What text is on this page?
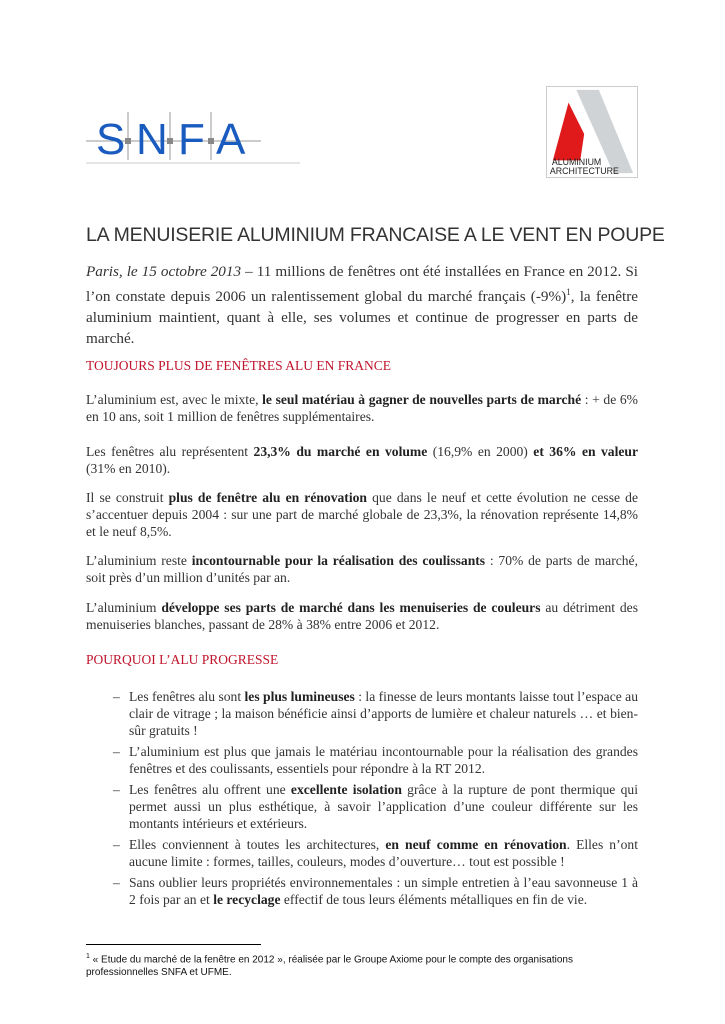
S N F A	ALUMINIUM
ARCHITECTURE
LA MENUISERIE ALUMINIUM FRANCAISE A LE VENT EN POUPE
Paris, le 15 octobre 2013 – 11 millions de fenêtres ont été installées en France en 2012. Si l’on constate depuis 2006 un ralentissement global du marché français $(-9\%)^1$, la fenêtre aluminium maintient, quant à elle, ses volumes et continue de progresser en parts de marché.
TOUJOURS PLUS DE FENÊTRES ALU EN FRANCE
L’aluminium est, avec le mixte, le seul matériau à gagner de nouvelles parts de marché : + de 6% en 10 ans, soit 1 million de fenêtres supplémentaires.
Les fenêtres alu représentent 23,3% du marché en volume (16,9% en 2000) et 36% en valeur (31% en 2010).
Il se construit plus de fenêtre alu en rénovation que dans le neuf et cette évolution ne cesse de s’accentuer depuis 2004 : sur une part de marché globale de 23,3%, la rénovation représente 14,8% et le neuf 8,5%.
L’aluminium reste incontournable pour la réalisation des coulissants : 70% de parts de marché, soit près d’un million d’unités par an.
L’aluminium développe ses parts de marché dans les menuiseries de couleurs au détriment des menuiseries blanches, passant de 28% à 38% entre 2006 et 2012.
POURQUOI L’ALU PROGRESSE
– Les fenêtres alu sont les plus lumineuses : la finesse de leurs montants laisse tout l’espace au clair de vitrage ; la maison bénéficie ainsi d’apports de lumière et chaleur naturels … et bien-sûr gratuits !
– L’aluminium est plus que jamais le matériau incontournable pour la réalisation des grandes fenêtres et des coulissants, essentiels pour répondre à la RT 2012.
– Les fenêtres alu offrent une excellente isolation grâce à la rupture de pont thermique qui permet aussi un plus esthétique, à savoir l’application d’une couleur différente sur les montants intérieurs et extérieurs.
– Elles conviennent à toutes les architectures, en neuf comme en rénovation. Elles n’ont aucune limite : formes, tailles, couleurs, modes d’ouverture… tout est possible !
– Sans oublier leurs propriétés environnementales : un simple entretien à l’eau savonneuse 1 à 2 fois par an et le recyclage effectif de tous leurs éléments métalliques en fin de vie.
$^1$ « Etude du marché de la fenêtre en 2012 », réalisée par le Groupe Axiome pour le compte des organisations professionnelles SNFA et UFME.
